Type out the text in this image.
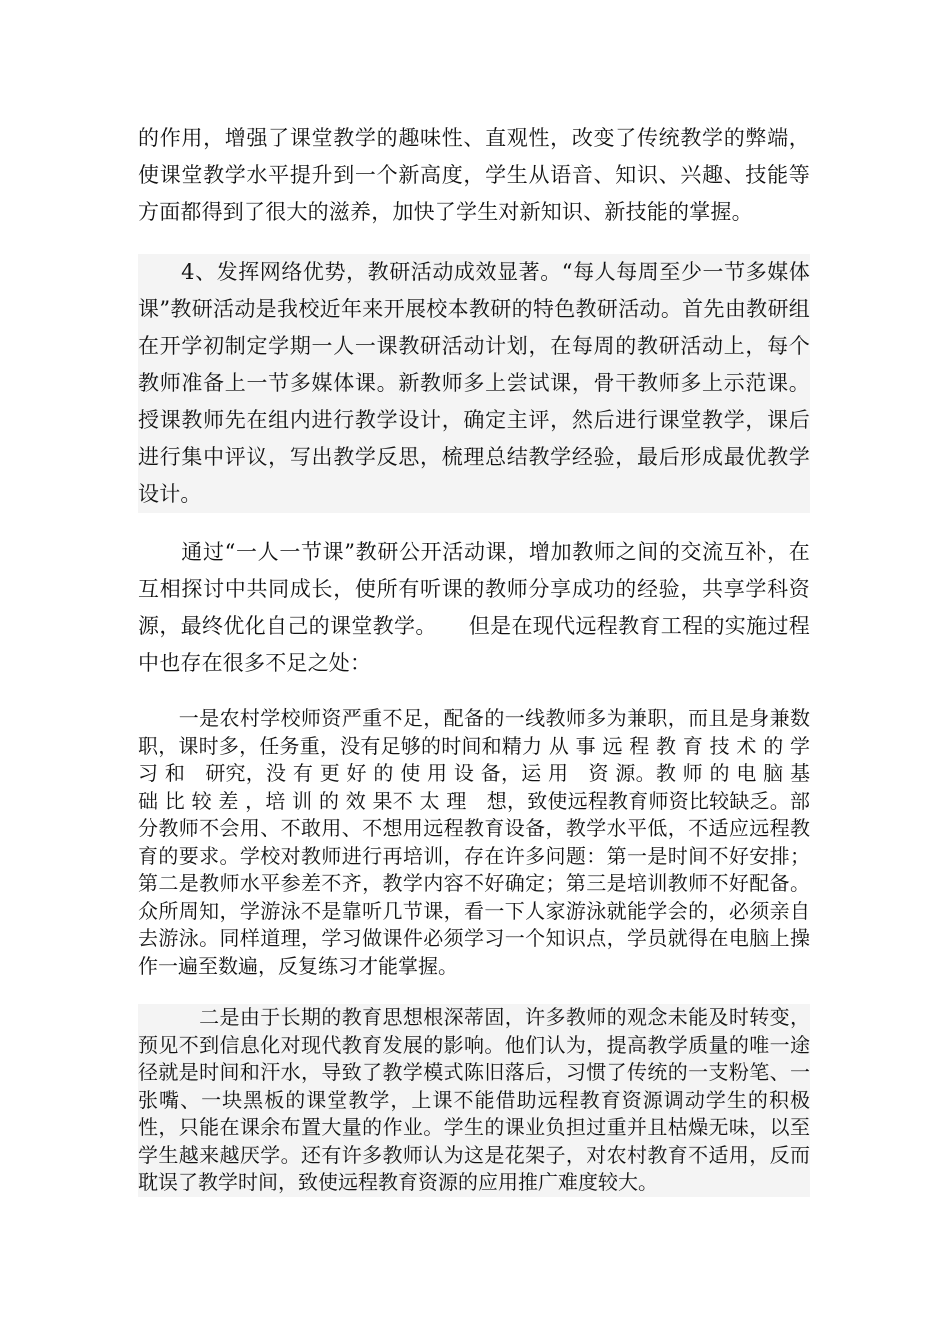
的作用，增强了课堂教学的趣味性、直观性，改变了传统教学的弊端，使课堂教学水平提升到一个新高度，学生从语音、知识、兴趣、技能等方面都得到了很大的滋养，加快了学生对新知识、新技能的掌握。

　　4、发挥网络优势，教研活动成效显著。“每人每周至少一节多媒体课”教研活动是我校近年来开展校本教研的特色教研活动。首先由教研组在开学初制定学期一人一课教研活动计划，在每周的教研活动上，每个教师准备上一节多媒体课。新教师多上尝试课，骨干教师多上示范课。授课教师先在组内进行教学设计，确定主评，然后进行课堂教学，课后进行集中评议，写出教学反思，梳理总结教学经验，最后形成最优教学设计。

　　通过“一人一节课”教研公开活动课，增加教师之间的交流互补，在互相探讨中共同成长，使所有听课的教师分享成功的经验，共享学科资源，最终优化自己的课堂教学。　　但是在现代远程教育工程的实施过程中也存在很多不足之处：

　　一是农村学校师资严重不足，配备的一线教师多为兼职，而且是身兼数职，课时多，任务重，没有足够的时间和精力 从 事 远 程 教 育 技 术 的 学 习 和　研究，没 有 更 好 的 使 用 设 备，运 用　资 源。教 师 的 电 脑 基　础 比 较 差 ，培 训 的 效 果不 太 理　想，致使远程教育师资比较缺乏。部分教师不会用、不敢用、不想用远程教育设备，教学水平低，不适应远程教育的要求。学校对教师进行再培训，存在许多问题：第一是时间不好安排；第二是教师水平参差不齐，教学内容不好确定；第三是培训教师不好配备。众所周知，学游泳不是靠听几节课，看一下人家游泳就能学会的，必须亲自去游泳。同样道理，学习做课件必须学习一个知识点，学员就得在电脑上操作一遍至数遍，反复练习才能掌握。

　　　二是由于长期的教育思想根深蒂固，许多教师的观念未能及时转变，预见不到信息化对现代教育发展的影响。他们认为，提高教学质量的唯一途径就是时间和汗水，导致了教学模式陈旧落后，习惯了传统的一支粉笔、一张嘴、一块黑板的课堂教学，上课不能借助远程教育资源调动学生的积极性，只能在课余布置大量的作业。学生的课业负担过重并且枯燥无味，以至学生越来越厌学。还有许多教师认为这是花架子，对农村教育不适用，反而耽误了教学时间，致使远程教育资源的应用推广难度较大。
